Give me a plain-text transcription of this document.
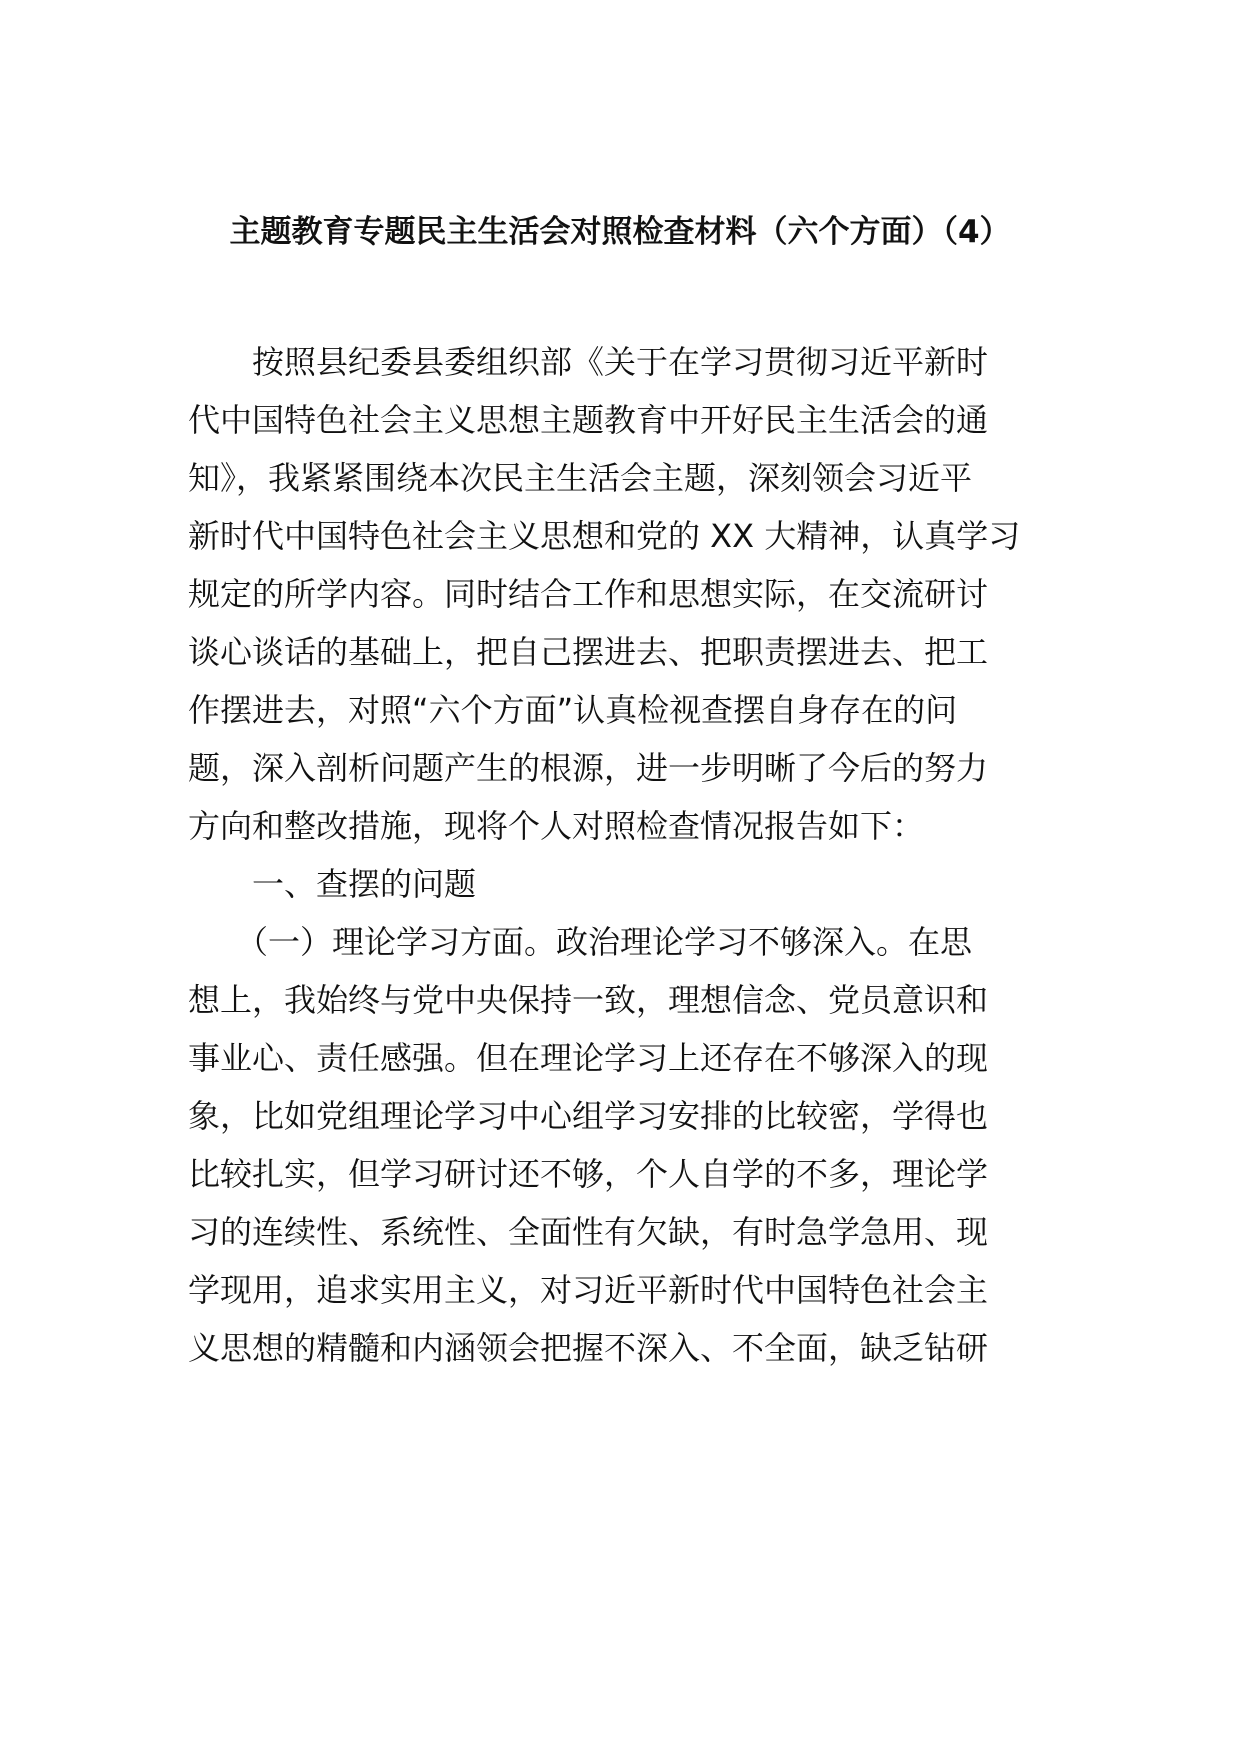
主题教育专题民主生活会对照检查材料（六个方面）（4）

　　按照县纪委县委组织部《关于在学习贯彻习近平新时

代中国特色社会主义思想主题教育中开好民主生活会的通

知》，我紧紧围绕本次民主生活会主题，深刻领会习近平

新时代中国特色社会主义思想和党的 XX 大精神，认真学习

规定的所学内容。同时结合工作和思想实际，在交流研讨

谈心谈话的基础上，把自己摆进去、把职责摆进去、把工

作摆进去，对照“六个方面”认真检视查摆自身存在的问

题，深入剖析问题产生的根源，进一步明晰了今后的努力

方向和整改措施，现将个人对照检查情况报告如下：

　　一、查摆的问题

　　（一）理论学习方面。政治理论学习不够深入。在思

想上，我始终与党中央保持一致，理想信念、党员意识和

事业心、责任感强。但在理论学习上还存在不够深入的现

象，比如党组理论学习中心组学习安排的比较密，学得也

比较扎实，但学习研讨还不够，个人自学的不多，理论学

习的连续性、系统性、全面性有欠缺，有时急学急用、现

学现用，追求实用主义，对习近平新时代中国特色社会主

义思想的精髓和内涵领会把握不深入、不全面，缺乏钻研
